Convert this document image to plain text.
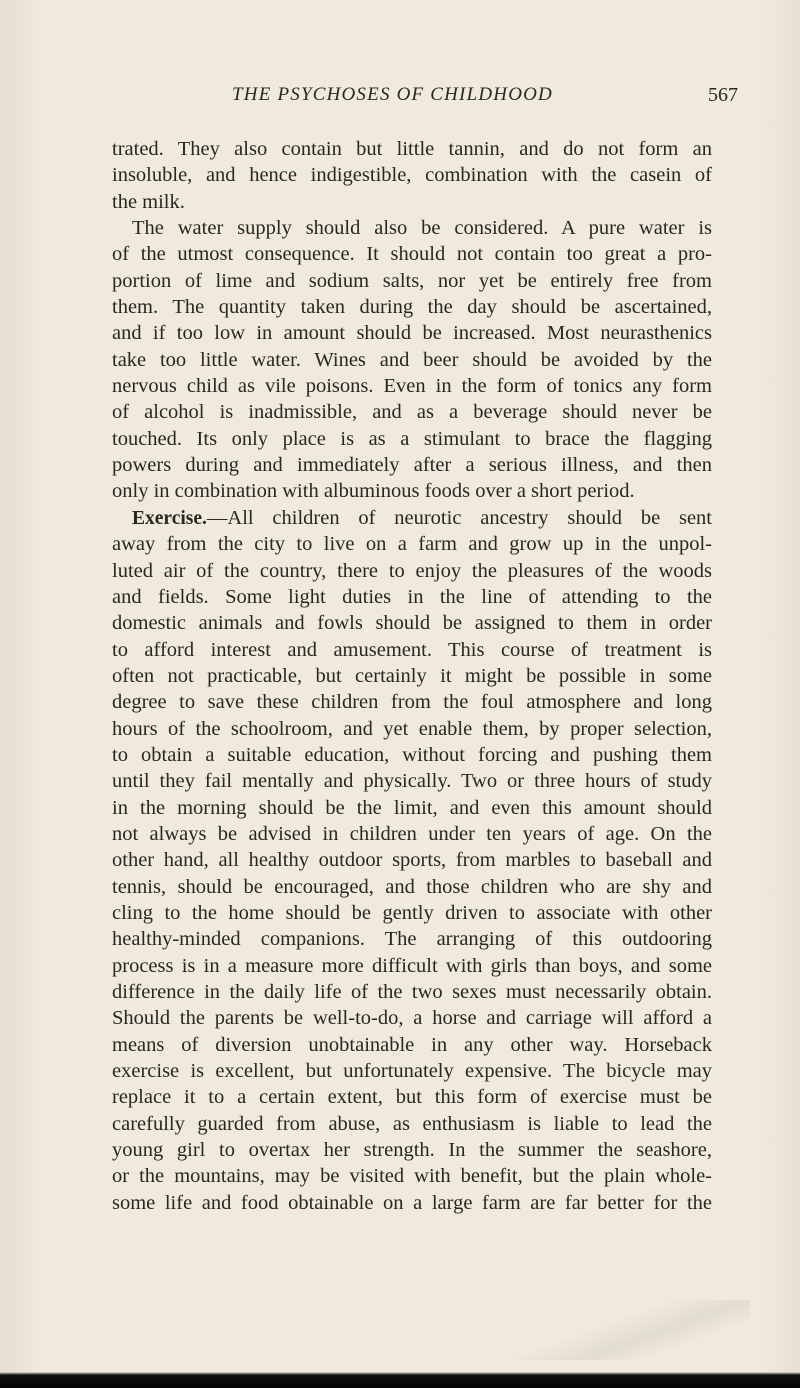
THE PSYCHOSES OF CHILDHOOD	567
trated. They also contain but little tannin, and do not form an
insoluble, and hence indigestible, combination with the casein of
the milk.
The water supply should also be considered. A pure water is
of the utmost consequence. It should not contain too great a pro-
portion of lime and sodium salts, nor yet be entirely free from
them. The quantity taken during the day should be ascertained,
and if too low in amount should be increased. Most neurasthenics
take too little water. Wines and beer should be avoided by the
nervous child as vile poisons. Even in the form of tonics any form
of alcohol is inadmissible, and as a beverage should never be
touched. Its only place is as a stimulant to brace the flagging
powers during and immediately after a serious illness, and then
only in combination with albuminous foods over a short period.
Exercise.—All children of neurotic ancestry should be sent
away from the city to live on a farm and grow up in the unpol-
luted air of the country, there to enjoy the pleasures of the woods
and fields. Some light duties in the line of attending to the
domestic animals and fowls should be assigned to them in order
to afford interest and amusement. This course of treatment is
often not practicable, but certainly it might be possible in some
degree to save these children from the foul atmosphere and long
hours of the schoolroom, and yet enable them, by proper selection,
to obtain a suitable education, without forcing and pushing them
until they fail mentally and physically. Two or three hours of study
in the morning should be the limit, and even this amount should
not always be advised in children under ten years of age. On the
other hand, all healthy outdoor sports, from marbles to baseball and
tennis, should be encouraged, and those children who are shy and
cling to the home should be gently driven to associate with other
healthy-minded companions. The arranging of this outdooring
process is in a measure more difficult with girls than boys, and some
difference in the daily life of the two sexes must necessarily obtain.
Should the parents be well-to-do, a horse and carriage will afford a
means of diversion unobtainable in any other way. Horseback
exercise is excellent, but unfortunately expensive. The bicycle may
replace it to a certain extent, but this form of exercise must be
carefully guarded from abuse, as enthusiasm is liable to lead the
young girl to overtax her strength. In the summer the seashore,
or the mountains, may be visited with benefit, but the plain whole-
some life and food obtainable on a large farm are far better for the
